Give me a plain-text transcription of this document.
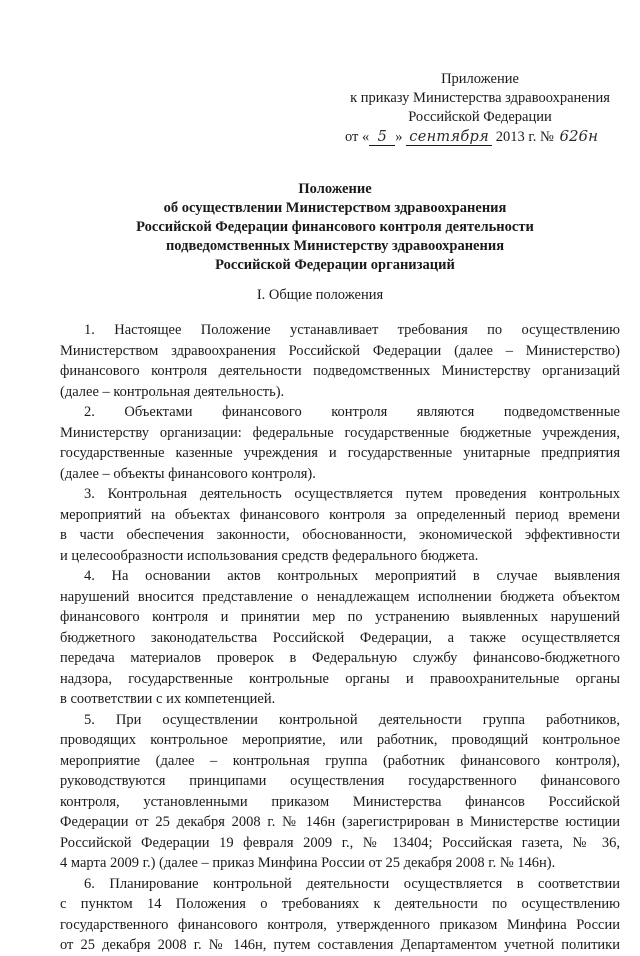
Приложение
к приказу Министерства здравоохранения
Российской Федерации
от « 5 » сентября 2013 г. № 626н
Положение
об осуществлении Министерством здравоохранения
Российской Федерации финансового контроля деятельности
подведомственных Министерству здравоохранения
Российской Федерации организаций
I. Общие положения
1. Настоящее Положение устанавливает требования по осуществлению
Министерством здравоохранения Российской Федерации (далее – Министерство)
финансового контроля деятельности подведомственных Министерству организаций
(далее – контрольная деятельность).
2. Объектами финансового контроля являются подведомственные
Министерству организации: федеральные государственные бюджетные учреждения,
государственные казенные учреждения и государственные унитарные предприятия
(далее – объекты финансового контроля).
3. Контрольная деятельность осуществляется путем проведения контрольных
мероприятий на объектах финансового контроля за определенный период времени
в части обеспечения законности, обоснованности, экономической эффективности
и целесообразности использования средств федерального бюджета.
4. На основании актов контрольных мероприятий в случае выявления
нарушений вносится представление о ненадлежащем исполнении бюджета объектом
финансового контроля и принятии мер по устранению выявленных нарушений
бюджетного законодательства Российской Федерации, а также осуществляется
передача материалов проверок в Федеральную службу финансово-бюджетного
надзора, государственные контрольные органы и правоохранительные органы
в соответствии с их компетенцией.
5. При осуществлении контрольной деятельности группа работников,
проводящих контрольное мероприятие, или работник, проводящий контрольное
мероприятие (далее – контрольная группа (работник финансового контроля),
руководствуются принципами осуществления государственного финансового
контроля, установленными приказом Министерства финансов Российской
Федерации от 25 декабря 2008 г. № 146н (зарегистрирован в Министерстве юстиции
Российской Федерации 19 февраля 2009 г., № 13404; Российская газета, № 36,
4 марта 2009 г.) (далее – приказ Минфина России от 25 декабря 2008 г. № 146н).
6. Планирование контрольной деятельности осуществляется в соответствии
с пунктом 14 Положения о требованиях к деятельности по осуществлению
государственного финансового контроля, утвержденного приказом Минфина России
от 25 декабря 2008 г. № 146н, путем составления Департаментом учетной политики
